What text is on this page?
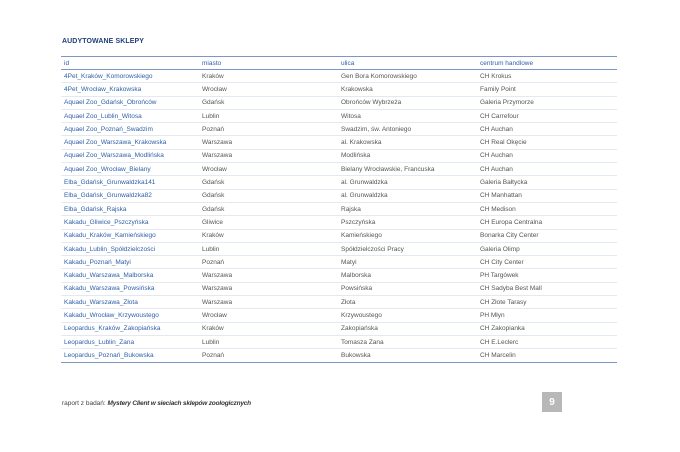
AUDYTOWANE SKLEPY
id	miasto	ulica	centrum handlowe
4Pet_Kraków_Komorowskiego	Kraków	Gen Bora Komorowskiego	CH Krokus
4Pet_Wrocław_Krakowska	Wrocław	Krakowska	Family Point
Aquael Zoo_Gdańsk_Obrońców	Gdańsk	Obrońców Wybrzeża	Galeria Przymorze
Aquael Zoo_Lublin_Witosa	Lublin	Witosa	CH Carrefour
Aquael Zoo_Poznań_Swadzim	Poznań	Swadzim, św. Antoniego	CH Auchan
Aquael Zoo_Warszawa_Krakowska	Warszawa	al. Krakowska	CH Real Okęcie
Aquael Zoo_Warszawa_Modlińska	Warszawa	Modlińska	CH Auchan
Aquael Zoo_Wrocław_Bielany	Wrocław	Bielany Wrocławskie, Francuska	CH Auchan
Elba_Gdańsk_Grunwaldzka141	Gdańsk	al. Grunwaldzka	Galeria Bałtycka
Elba_Gdańsk_Grunwaldzka82	Gdańsk	al. Grunwaldzka	CH Manhattan
Elba_Gdańsk_Rajska	Gdańsk	Rajska	CH Medison
Kakadu_Gliwice_Pszczyńska	Gliwice	Pszczyńska	CH Europa Centralna
Kakadu_Kraków_Kamieńskiego	Kraków	Kamieńskiego	Bonarka City Center
Kakadu_Lublin_Spółdzielczości	Lublin	Spółdzielczości Pracy	Galeria Olimp
Kakadu_Poznań_Matyi	Poznań	Matyi	CH City Center
Kakadu_Warszawa_Malborska	Warszawa	Malborska	PH Targówek
Kakadu_Warszawa_Powsińska	Warszawa	Powsińska	CH Sadyba Best Mall
Kakadu_Warszawa_Złota	Warszawa	Złota	CH Złote Tarasy
Kakadu_Wrocław_Krzywoustego	Wrocław	Krzywoustego	PH Młyn
Leopardus_Kraków_Zakopiańska	Kraków	Zakopiańska	CH Zakopianka
Leopardus_Lublin_Zana	Lublin	Tomasza Zana	CH E.Leclerc
Leopardus_Poznań_Bukowska	Poznań	Bukowska	CH Marcelin
raport z badań: Mystery Client w sieciach sklepów zoologicznych	9
